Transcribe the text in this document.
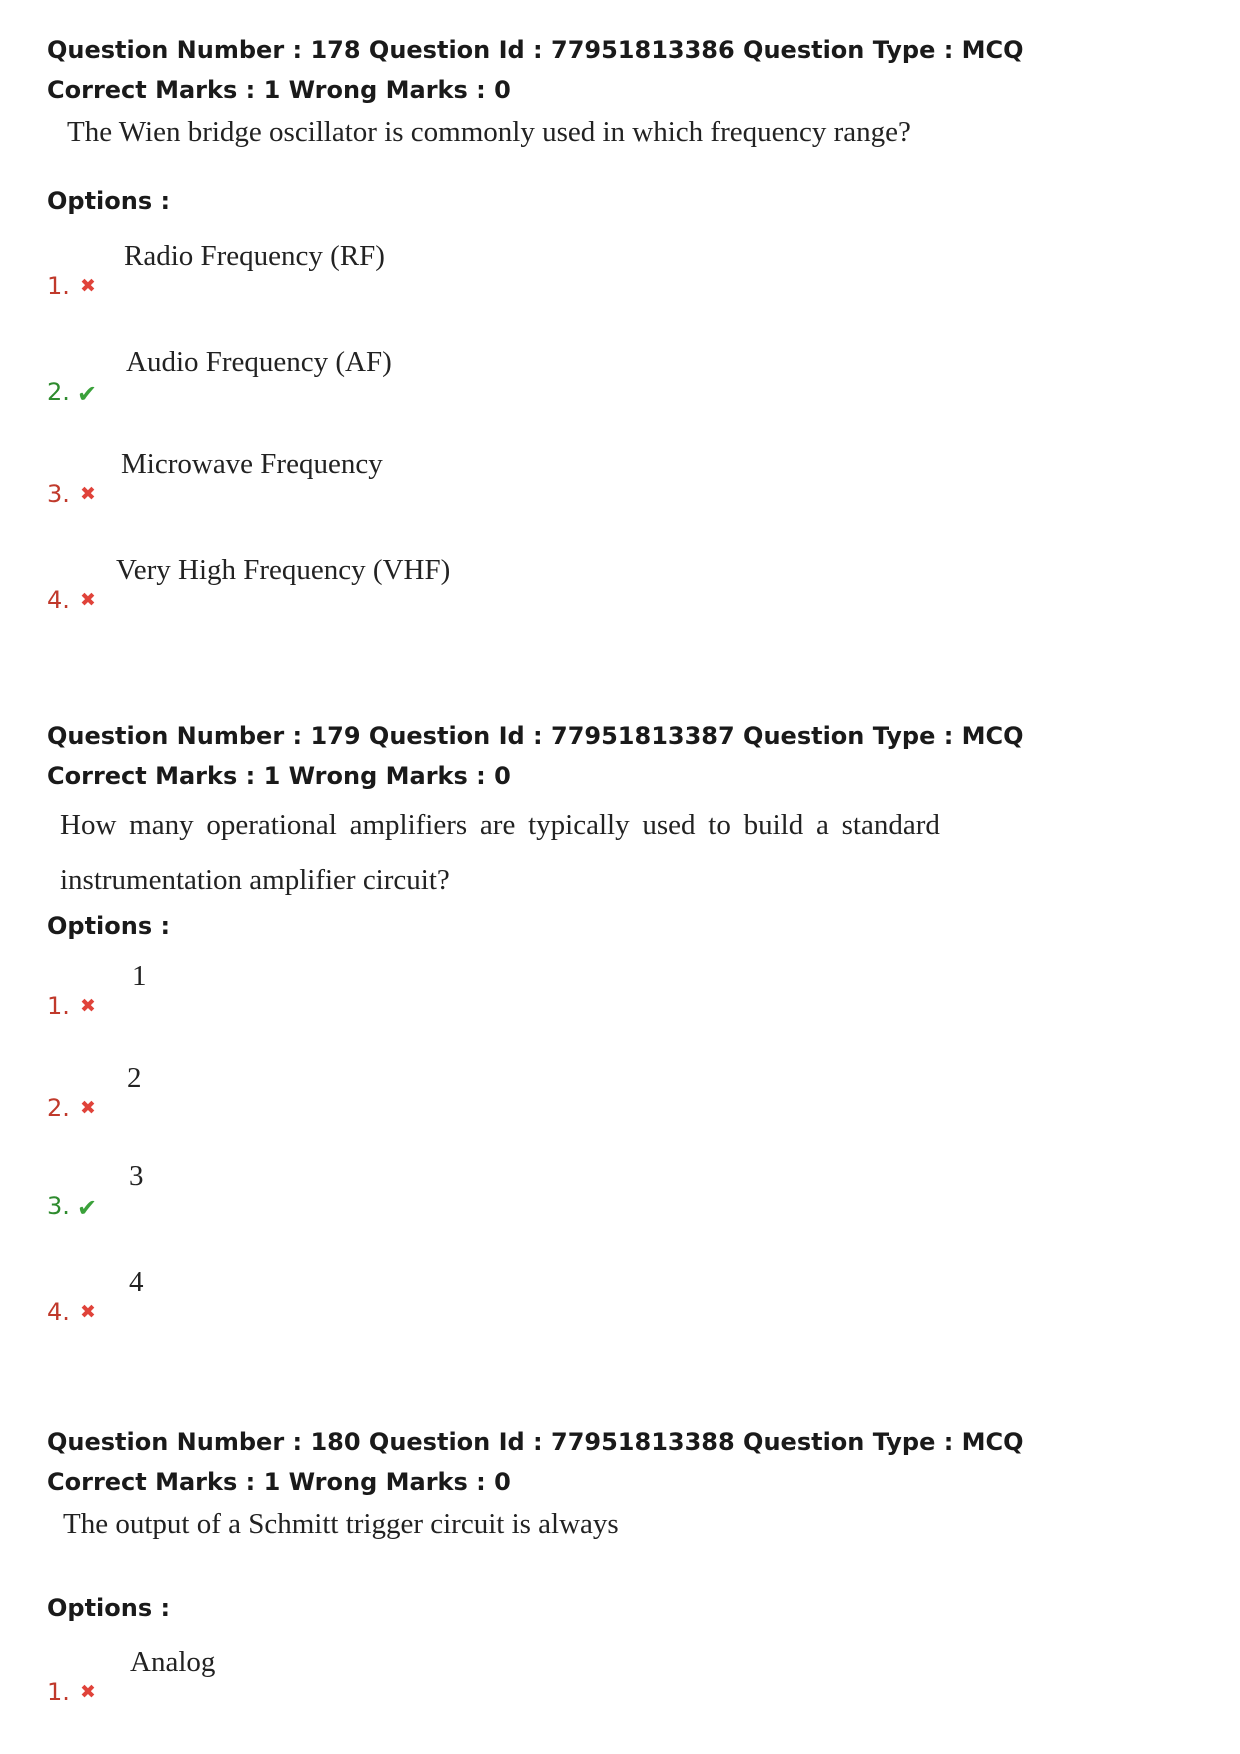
Question Number : 178 Question Id : 77951813386 Question Type : MCQ
Correct Marks : 1 Wrong Marks : 0
The Wien bridge oscillator is commonly used in which frequency range?
Options :
1. ✖
Radio Frequency (RF)
2. ✔
Audio Frequency (AF)
3. ✖
Microwave Frequency
4. ✖
Very High Frequency (VHF)
Question Number : 179 Question Id : 77951813387 Question Type : MCQ
Correct Marks : 1 Wrong Marks : 0
How many operational amplifiers are typically used to build a standard
instrumentation amplifier circuit?
Options :
1. ✖
1
2. ✖
2
3. ✔
3
4. ✖
4
Question Number : 180 Question Id : 77951813388 Question Type : MCQ
Correct Marks : 1 Wrong Marks : 0
The output of a Schmitt trigger circuit is always
Options :
1. ✖
Analog
